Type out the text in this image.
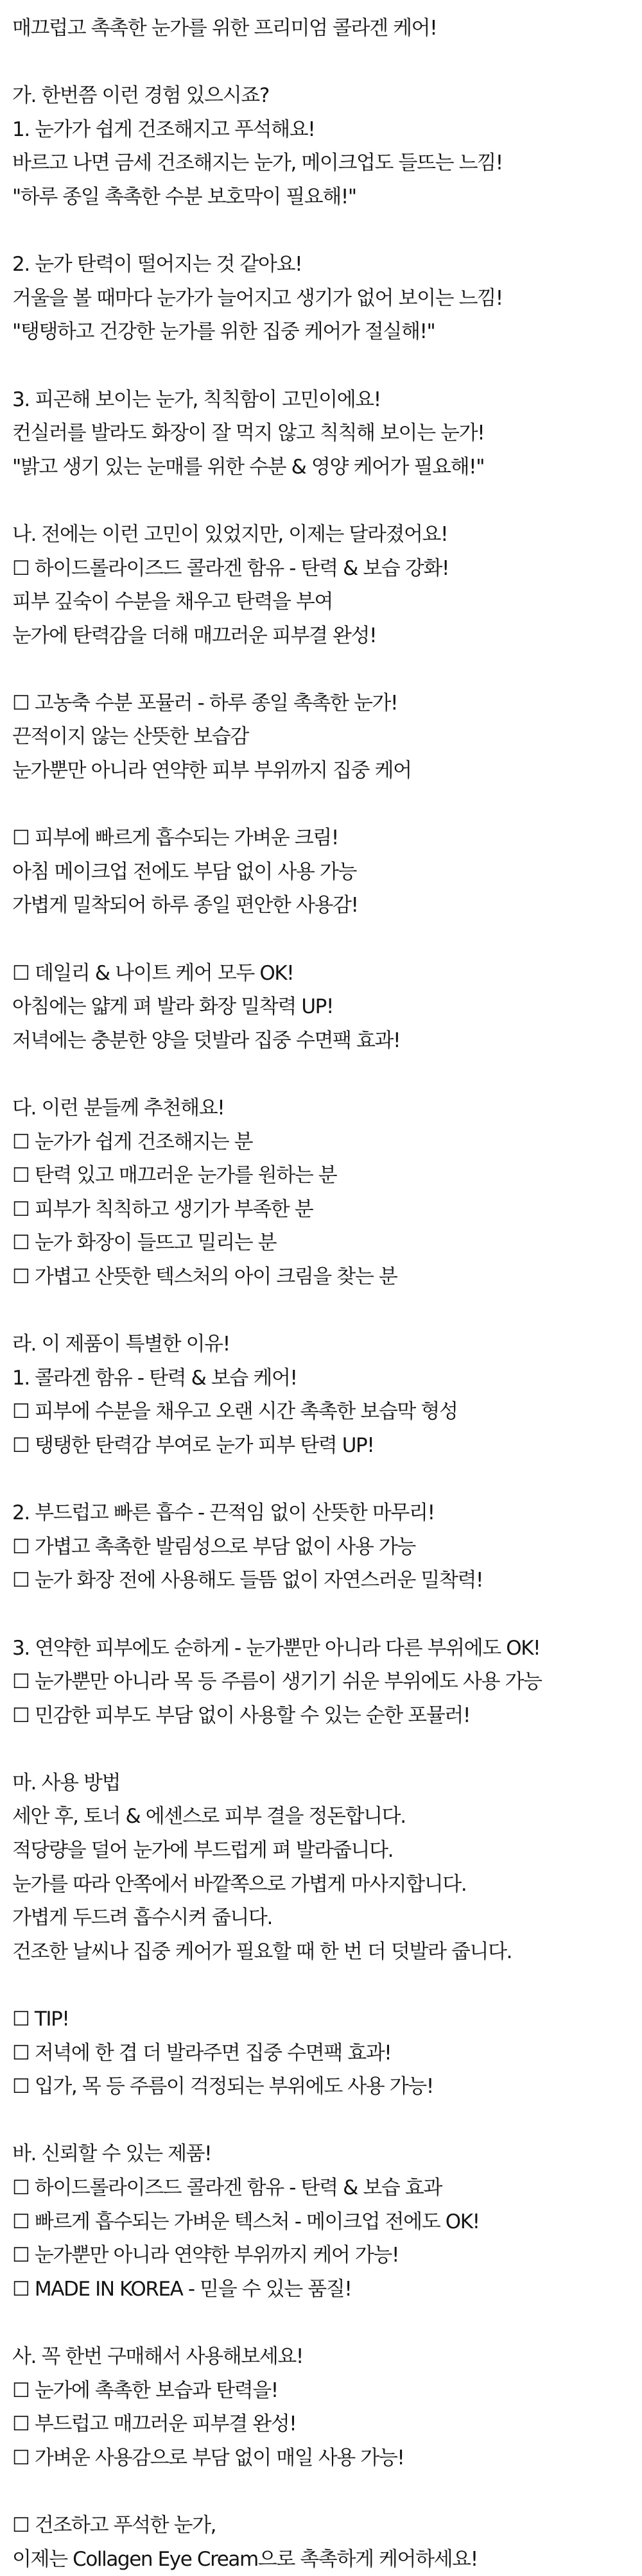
매끄럽고 촉촉한 눈가를 위한 프리미엄 콜라겐 케어!
가. 한번쯤 이런 경험 있으시죠?
1. 눈가가 쉽게 건조해지고 푸석해요!
바르고 나면 금세 건조해지는 눈가, 메이크업도 들뜨는 느낌!
"하루 종일 촉촉한 수분 보호막이 필요해!"
2. 눈가 탄력이 떨어지는 것 같아요!
거울을 볼 때마다 눈가가 늘어지고 생기가 없어 보이는 느낌!
"탱탱하고 건강한 눈가를 위한 집중 케어가 절실해!"
3. 피곤해 보이는 눈가, 칙칙함이 고민이에요!
컨실러를 발라도 화장이 잘 먹지 않고 칙칙해 보이는 눈가!
"밝고 생기 있는 눈매를 위한 수분 & 영양 케어가 필요해!"
나. 전에는 이런 고민이 있었지만, 이제는 달라졌어요!
☐ 하이드롤라이즈드 콜라겐 함유 - 탄력 & 보습 강화!
피부 깊숙이 수분을 채우고 탄력을 부여
눈가에 탄력감을 더해 매끄러운 피부결 완성!
☐ 고농축 수분 포뮬러 - 하루 종일 촉촉한 눈가!
끈적이지 않는 산뜻한 보습감
눈가뿐만 아니라 연약한 피부 부위까지 집중 케어
☐ 피부에 빠르게 흡수되는 가벼운 크림!
아침 메이크업 전에도 부담 없이 사용 가능
가볍게 밀착되어 하루 종일 편안한 사용감!
☐ 데일리 & 나이트 케어 모두 OK!
아침에는 얇게 펴 발라 화장 밀착력 UP!
저녁에는 충분한 양을 덧발라 집중 수면팩 효과!
다. 이런 분들께 추천해요!
☐ 눈가가 쉽게 건조해지는 분
☐ 탄력 있고 매끄러운 눈가를 원하는 분
☐ 피부가 칙칙하고 생기가 부족한 분
☐ 눈가 화장이 들뜨고 밀리는 분
☐ 가볍고 산뜻한 텍스처의 아이 크림을 찾는 분
라. 이 제품이 특별한 이유!
1. 콜라겐 함유 - 탄력 & 보습 케어!
☐ 피부에 수분을 채우고 오랜 시간 촉촉한 보습막 형성
☐ 탱탱한 탄력감 부여로 눈가 피부 탄력 UP!
2. 부드럽고 빠른 흡수 - 끈적임 없이 산뜻한 마무리!
☐ 가볍고 촉촉한 발림성으로 부담 없이 사용 가능
☐ 눈가 화장 전에 사용해도 들뜸 없이 자연스러운 밀착력!
3. 연약한 피부에도 순하게 - 눈가뿐만 아니라 다른 부위에도 OK!
☐ 눈가뿐만 아니라 목 등 주름이 생기기 쉬운 부위에도 사용 가능
☐ 민감한 피부도 부담 없이 사용할 수 있는 순한 포뮬러!
마. 사용 방법
세안 후, 토너 & 에센스로 피부 결을 정돈합니다.
적당량을 덜어 눈가에 부드럽게 펴 발라줍니다.
눈가를 따라 안쪽에서 바깥쪽으로 가볍게 마사지합니다.
가볍게 두드려 흡수시켜 줍니다.
건조한 날씨나 집중 케어가 필요할 때 한 번 더 덧발라 줍니다.
☐ TIP!
☐ 저녁에 한 겹 더 발라주면 집중 수면팩 효과!
☐ 입가, 목 등 주름이 걱정되는 부위에도 사용 가능!
바. 신뢰할 수 있는 제품!
☐ 하이드롤라이즈드 콜라겐 함유 - 탄력 & 보습 효과
☐ 빠르게 흡수되는 가벼운 텍스처 - 메이크업 전에도 OK!
☐ 눈가뿐만 아니라 연약한 부위까지 케어 가능!
☐ MADE IN KOREA - 믿을 수 있는 품질!
사. 꼭 한번 구매해서 사용해보세요!
☐ 눈가에 촉촉한 보습과 탄력을!
☐ 부드럽고 매끄러운 피부결 완성!
☐ 가벼운 사용감으로 부담 없이 매일 사용 가능!
☐ 건조하고 푸석한 눈가,
이제는 Collagen Eye Cream으로 촉촉하게 케어하세요!
